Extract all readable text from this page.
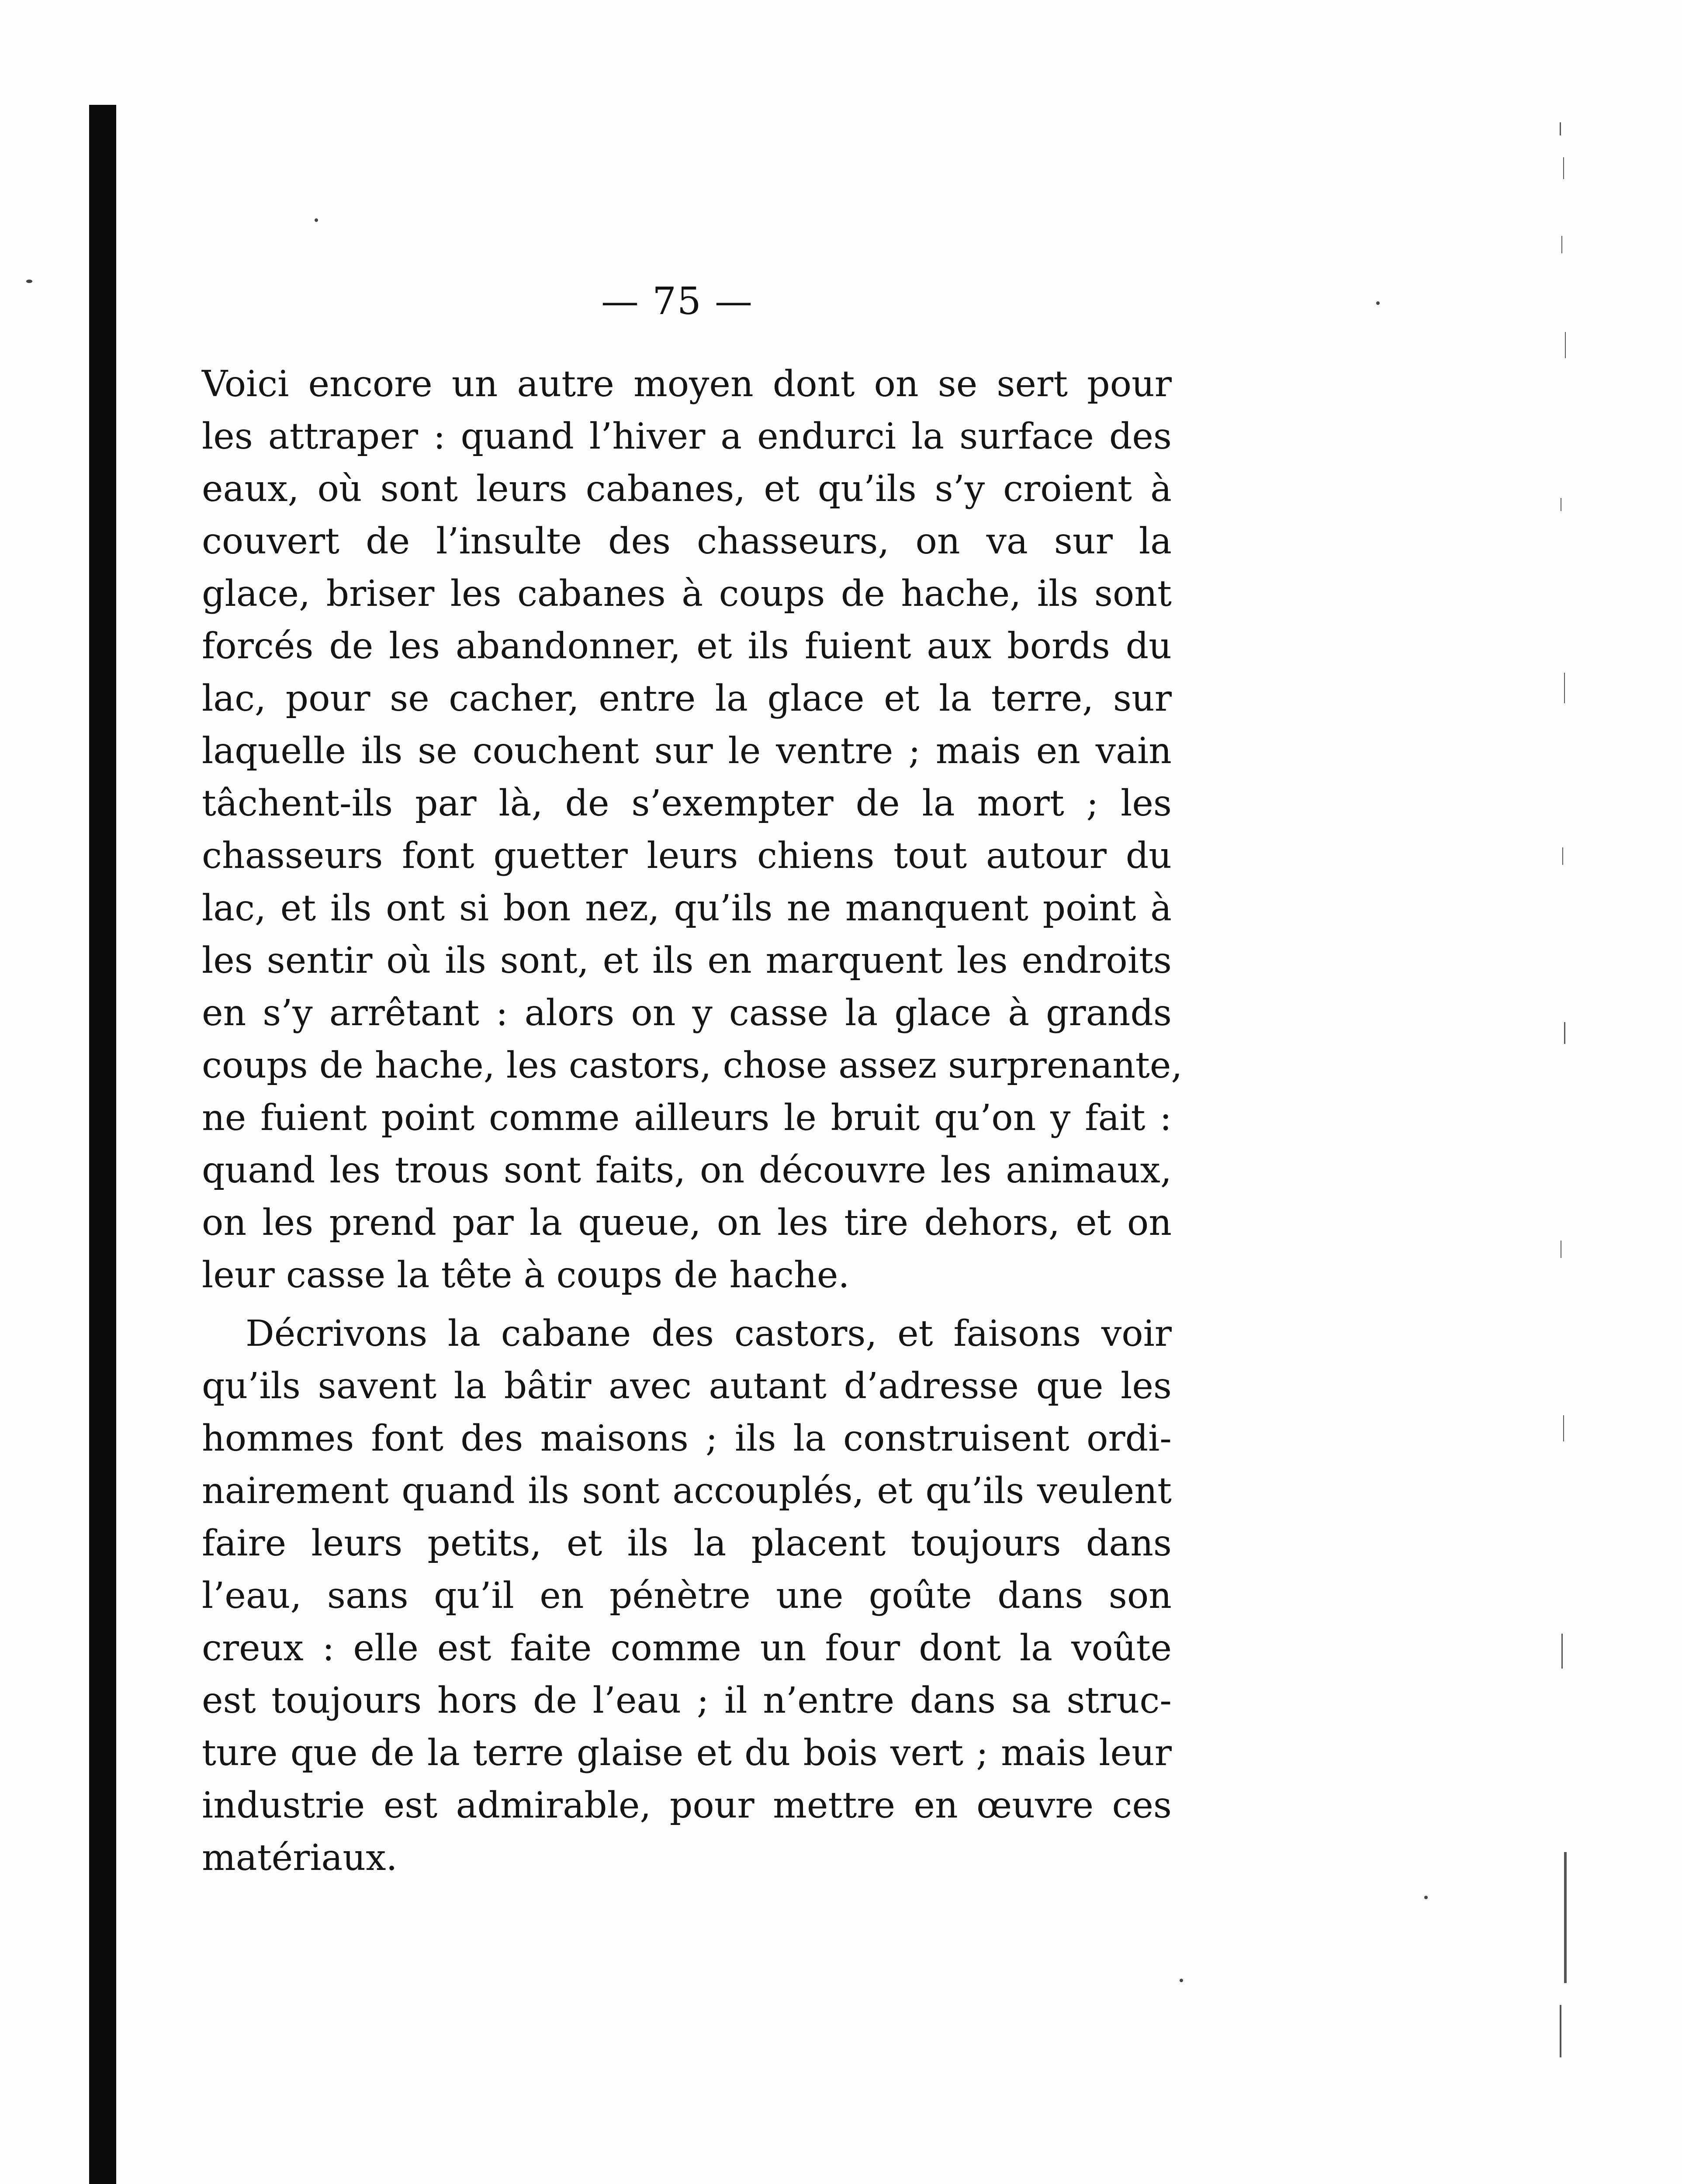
— 75 —
Voici encore un autre moyen dont on se sert pour
les attraper : quand l’hiver a endurci la surface des
eaux, où sont leurs cabanes, et qu’ils s’y croient à
couvert de l’insulte des chasseurs, on va sur la
glace, briser les cabanes à coups de hache, ils sont
forcés de les abandonner, et ils fuient aux bords du
lac, pour se cacher, entre la glace et la terre, sur
laquelle ils se couchent sur le ventre ; mais en vain
tâchent-ils par là, de s’exempter de la mort ; les
chasseurs font guetter leurs chiens tout autour du
lac, et ils ont si bon nez, qu’ils ne manquent point à
les sentir où ils sont, et ils en marquent les endroits
en s’y arrêtant : alors on y casse la glace à grands
coups de hache, les castors, chose assez surprenante,
ne fuient point comme ailleurs le bruit qu’on y fait :
quand les trous sont faits, on découvre les animaux,
on les prend par la queue, on les tire dehors, et on
leur casse la tête à coups de hache.
Décrivons la cabane des castors, et faisons voir
qu’ils savent la bâtir avec autant d’adresse que les
hommes font des maisons ; ils la construisent ordi-
nairement quand ils sont accouplés, et qu’ils veulent
faire leurs petits, et ils la placent toujours dans
l’eau, sans qu’il en pénètre une goûte dans son
creux : elle est faite comme un four dont la voûte
est toujours hors de l’eau ; il n’entre dans sa struc-
ture que de la terre glaise et du bois vert ; mais leur
industrie est admirable, pour mettre en œuvre ces
matériaux.
